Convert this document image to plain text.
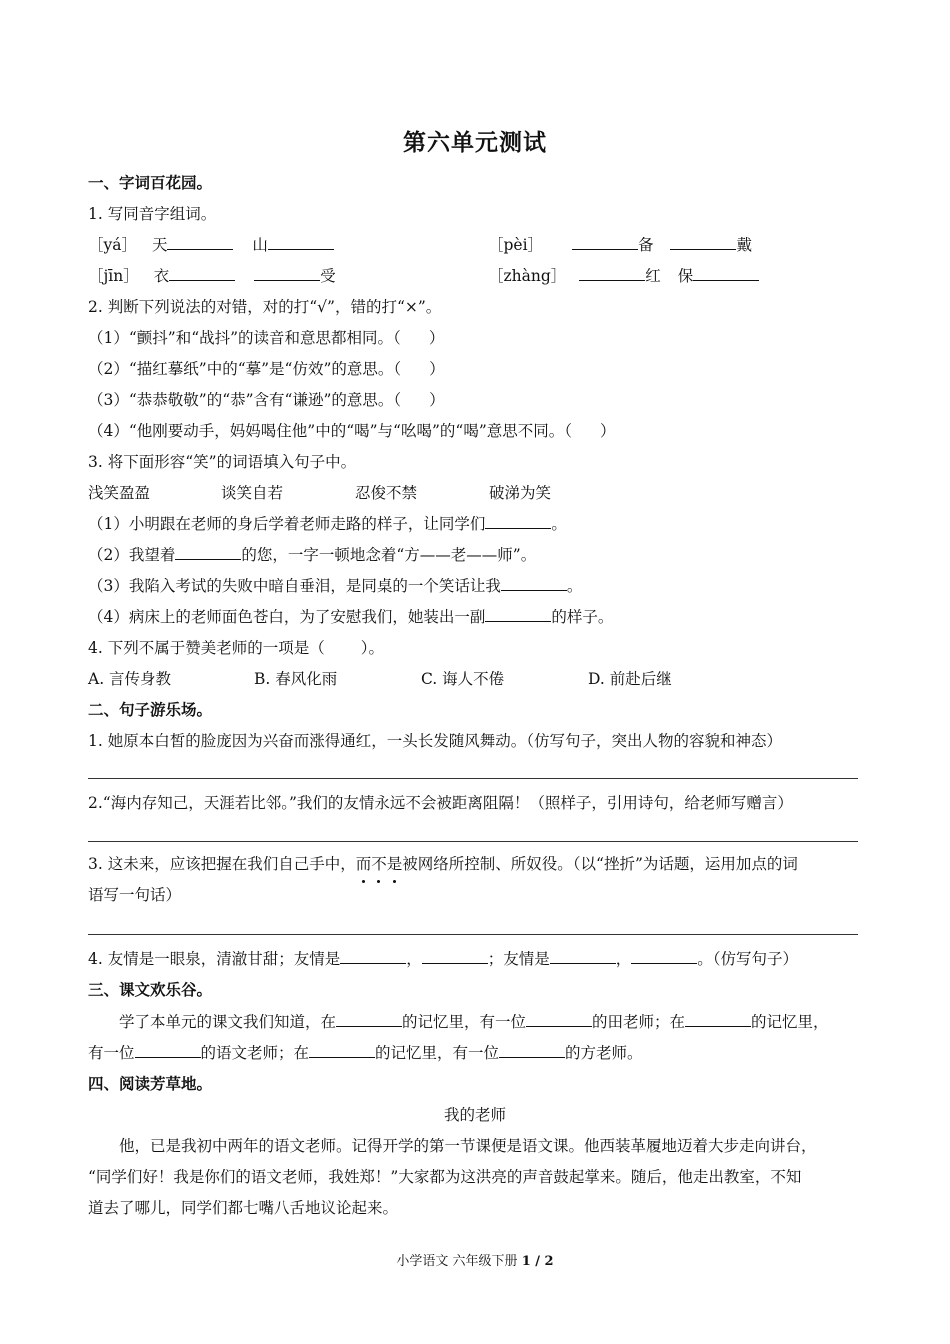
第六单元测试
一、字词百花园。
1. 写同音字组词。
［yá］ 天	山	［pèi］	备	戴
［jīn］ 衣	受	［zhàng］	红 保
2. 判断下列说法的对错，对的打“√”，错的打“×”。
（1）“颤抖”和“战抖”的读音和意思都相同。（ ）
（2）“描红摹纸”中的“摹”是“仿效”的意思。（ ）
（3）“恭恭敬敬”的“恭”含有“谦逊”的意思。（ ）
（4）“他刚要动手，妈妈喝住他”中的“喝”与“吆喝”的“喝”意思不同。（ ）
3. 将下面形容“笑”的词语填入句子中。
浅笑盈盈	谈笑自若	忍俊不禁	破涕为笑
（1）小明跟在老师的身后学着老师走路的样子，让同学们	。
（2）我望着	的您，一字一顿地念着“方——老——师”。
（3）我陷入考试的失败中暗自垂泪，是同桌的一个笑话让我	。
（4）病床上的老师面色苍白，为了安慰我们，她装出一副	的样子。
4. 下列不属于赞美老师的一项是（ ）。
A. 言传身教	B. 春风化雨	C. 诲人不倦	D. 前赴后继
二、句子游乐场。
1. 她原本白皙的脸庞因为兴奋而涨得通红，一头长发随风舞动。（仿写句子，突出人物的容貌和神态）
2.“海内存知己，天涯若比邻。”我们的友情永远不会被距离阻隔！（照样子，引用诗句，给老师写赠言）
3. 这未来，应该把握在我们自己手中，而不是被网络所控制、所奴役。（以“挫折”为话题，运用加点的词
语写一句话）
4. 友情是一眼泉，清澈甘甜；友情是	，	；友情是	，	。（仿写句子）
三、课文欢乐谷。
学了本单元的课文我们知道，在	的记忆里，有一位	的田老师；在	的记忆里，
有一位	的语文老师；在	的记忆里，有一位	的方老师。
四、阅读芳草地。
我的老师
他，已是我初中两年的语文老师。记得开学的第一节课便是语文课。他西装革履地迈着大步走向讲台，
“同学们好！我是你们的语文老师，我姓郑！”大家都为这洪亮的声音鼓起掌来。随后，他走出教室，不知
道去了哪儿，同学们都七嘴八舌地议论起来。
小学语文 六年级下册 1 / 2
